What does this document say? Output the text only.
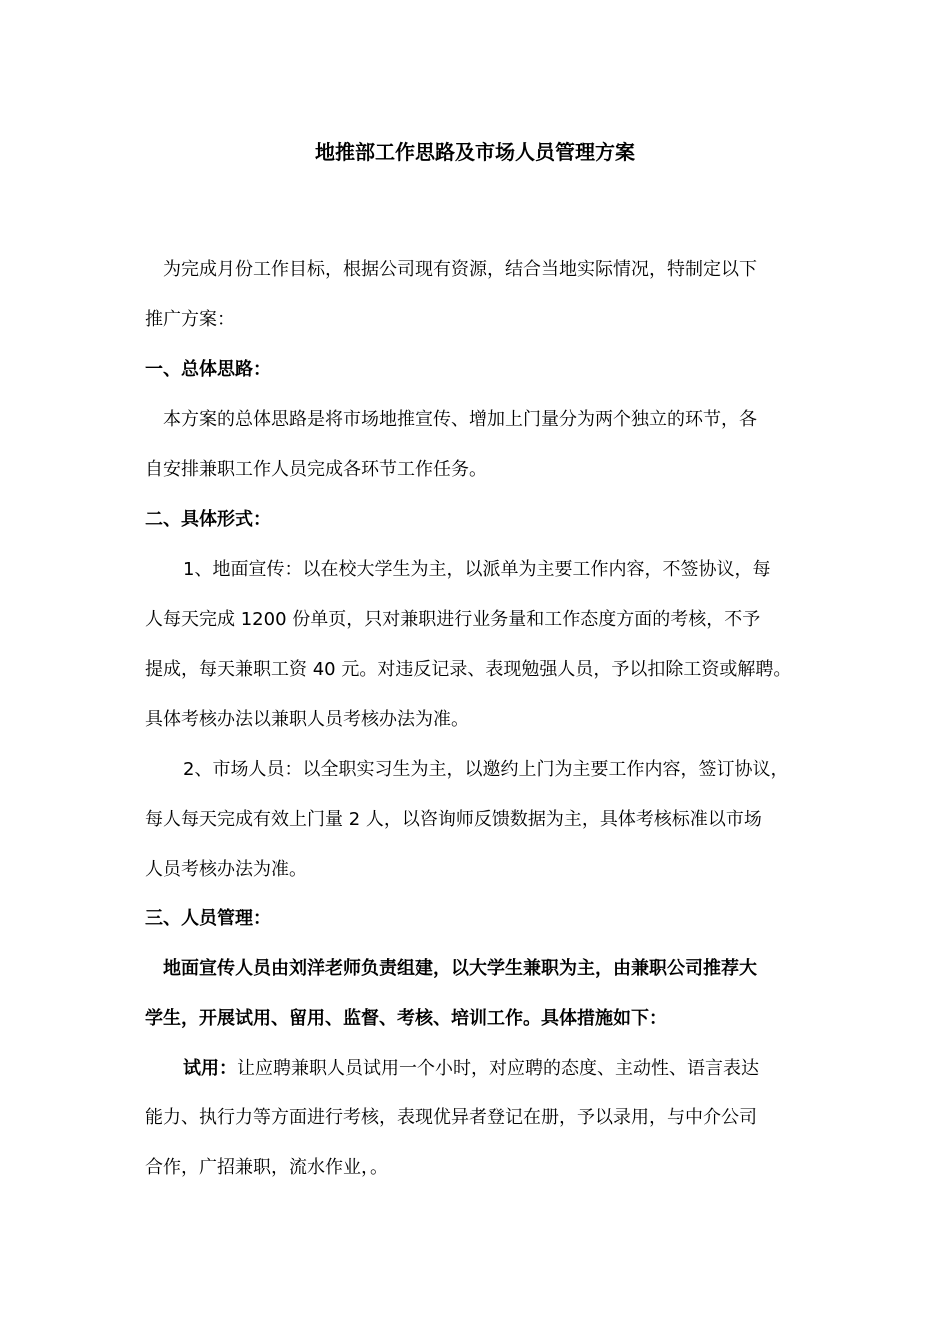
地推部工作思路及市场人员管理方案
为完成月份工作目标，根据公司现有资源，结合当地实际情况，特制定以下
推广方案：
一、总体思路：
本方案的总体思路是将市场地推宣传、增加上门量分为两个独立的环节，各
自安排兼职工作人员完成各环节工作任务。
二、具体形式：
1、地面宣传：以在校大学生为主，以派单为主要工作内容，不签协议，每
人每天完成 1200 份单页，只对兼职进行业务量和工作态度方面的考核，不予
提成，每天兼职工资 40 元。对违反记录、表现勉强人员，予以扣除工资或解聘。
具体考核办法以兼职人员考核办法为准。
2、市场人员：以全职实习生为主，以邀约上门为主要工作内容，签订协议，
每人每天完成有效上门量 2 人，以咨询师反馈数据为主，具体考核标准以市场
人员考核办法为准。
三、人员管理：
地面宣传人员由刘洋老师负责组建，以大学生兼职为主，由兼职公司推荐大
学生，开展试用、留用、监督、考核、培训工作。具体措施如下：
试用：让应聘兼职人员试用一个小时，对应聘的态度、主动性、语言表达
能力、执行力等方面进行考核，表现优异者登记在册，予以录用，与中介公司
合作，广招兼职，流水作业，。
